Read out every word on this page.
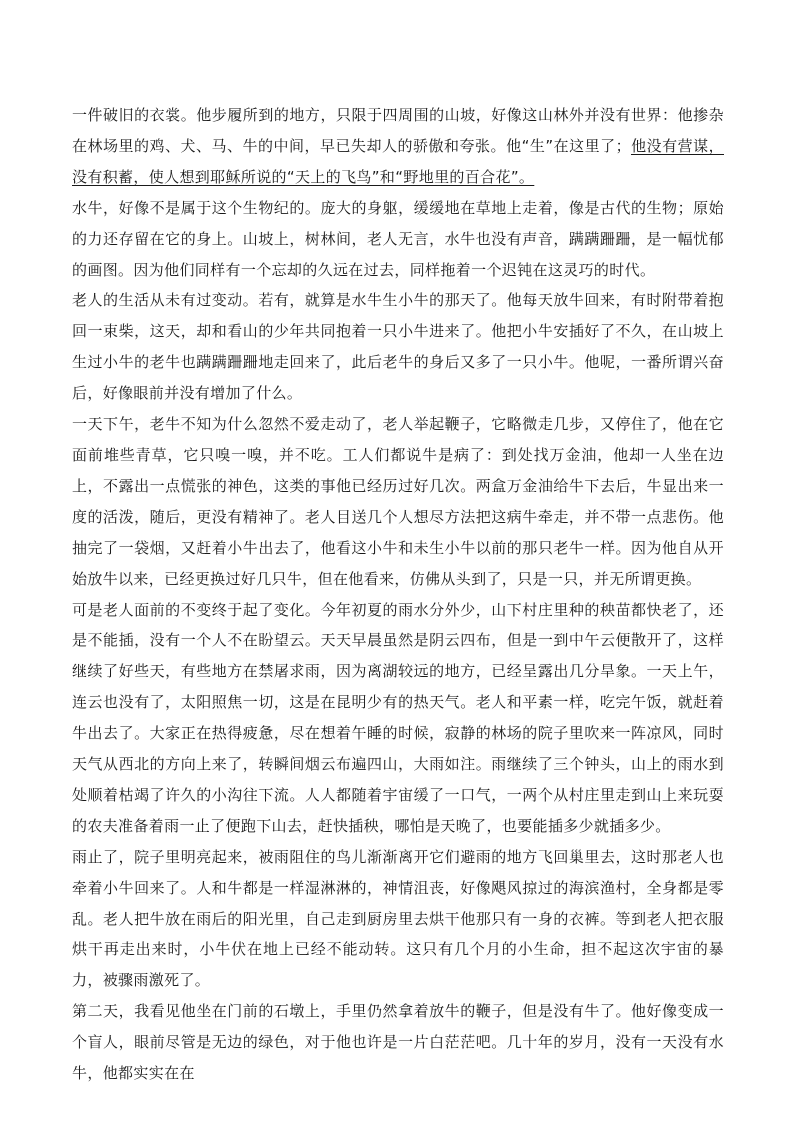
一件破旧的衣裳。他步履所到的地方，只限于四周围的山坡，好像这山林外并没有世界：他掺杂在林场里的鸡、犬、马、牛的中间，早已失却人的骄傲和夸张。他“生”在这里了；他没有营谋，没有积蓄，使人想到耶稣所说的“天上的飞鸟”和“野地里的百合花”。

水牛，好像不是属于这个生物纪的。庞大的身躯，缓缓地在草地上走着，像是古代的生物；原始的力还存留在它的身上。山坡上，树林间，老人无言，水牛也没有声音，蹒蹒跚跚，是一幅忧郁的画图。因为他们同样有一个忘却的久远在过去，同样拖着一个迟钝在这灵巧的时代。

老人的生活从未有过变动。若有，就算是水牛生小牛的那天了。他每天放牛回来，有时附带着抱回一束柴，这天，却和看山的少年共同抱着一只小牛进来了。他把小牛安插好了不久，在山坡上生过小牛的老牛也蹒蹒跚跚地走回来了，此后老牛的身后又多了一只小牛。他呢，一番所谓兴奋后，好像眼前并没有增加了什么。

一天下午，老牛不知为什么忽然不爱走动了，老人举起鞭子，它略微走几步，又停住了，他在它面前堆些青草，它只嗅一嗅，并不吃。工人们都说牛是病了：到处找万金油，他却一人坐在边上，不露出一点慌张的神色，这类的事他已经历过好几次。两盒万金油给牛下去后，牛显出来一度的活泼，随后，更没有精神了。老人目送几个人想尽方法把这病牛牵走，并不带一点悲伤。他抽完了一袋烟，又赶着小牛出去了，他看这小牛和未生小牛以前的那只老牛一样。因为他自从开始放牛以来，已经更换过好几只牛，但在他看来，仿佛从头到了，只是一只，并无所谓更换。

可是老人面前的不变终于起了变化。今年初夏的雨水分外少，山下村庄里种的秧苗都快老了，还是不能插，没有一个人不在盼望云。天天早晨虽然是阴云四布，但是一到中午云便散开了，这样继续了好些天，有些地方在禁屠求雨，因为离湖较远的地方，已经呈露出几分旱象。一天上午，连云也没有了，太阳照焦一切，这是在昆明少有的热天气。老人和平素一样，吃完午饭，就赶着牛出去了。大家正在热得疲惫，尽在想着午睡的时候，寂静的林场的院子里吹来一阵凉风，同时天气从西北的方向上来了，转瞬间烟云布遍四山，大雨如注。雨继续了三个钟头，山上的雨水到处顺着枯竭了许久的小沟往下流。人人都随着宇宙缓了一口气，一两个从村庄里走到山上来玩耍的农夫准备着雨一止了便跑下山去，赶快插秧，哪怕是天晚了，也要能插多少就插多少。

雨止了，院子里明亮起来，被雨阻住的鸟儿渐渐离开它们避雨的地方飞回巢里去，这时那老人也牵着小牛回来了。人和牛都是一样湿淋淋的，神情沮丧，好像飓风掠过的海滨渔村，全身都是零乱。老人把牛放在雨后的阳光里，自己走到厨房里去烘干他那只有一身的衣裤。等到老人把衣服烘干再走出来时，小牛伏在地上已经不能动转。这只有几个月的小生命，担不起这次宇宙的暴力，被骤雨激死了。

第二天，我看见他坐在门前的石墩上，手里仍然拿着放牛的鞭子，但是没有牛了。他好像变成一个盲人，眼前尽管是无边的绿色，对于他也许是一片白茫茫吧。几十年的岁月，没有一天没有水牛，他都实实在在
